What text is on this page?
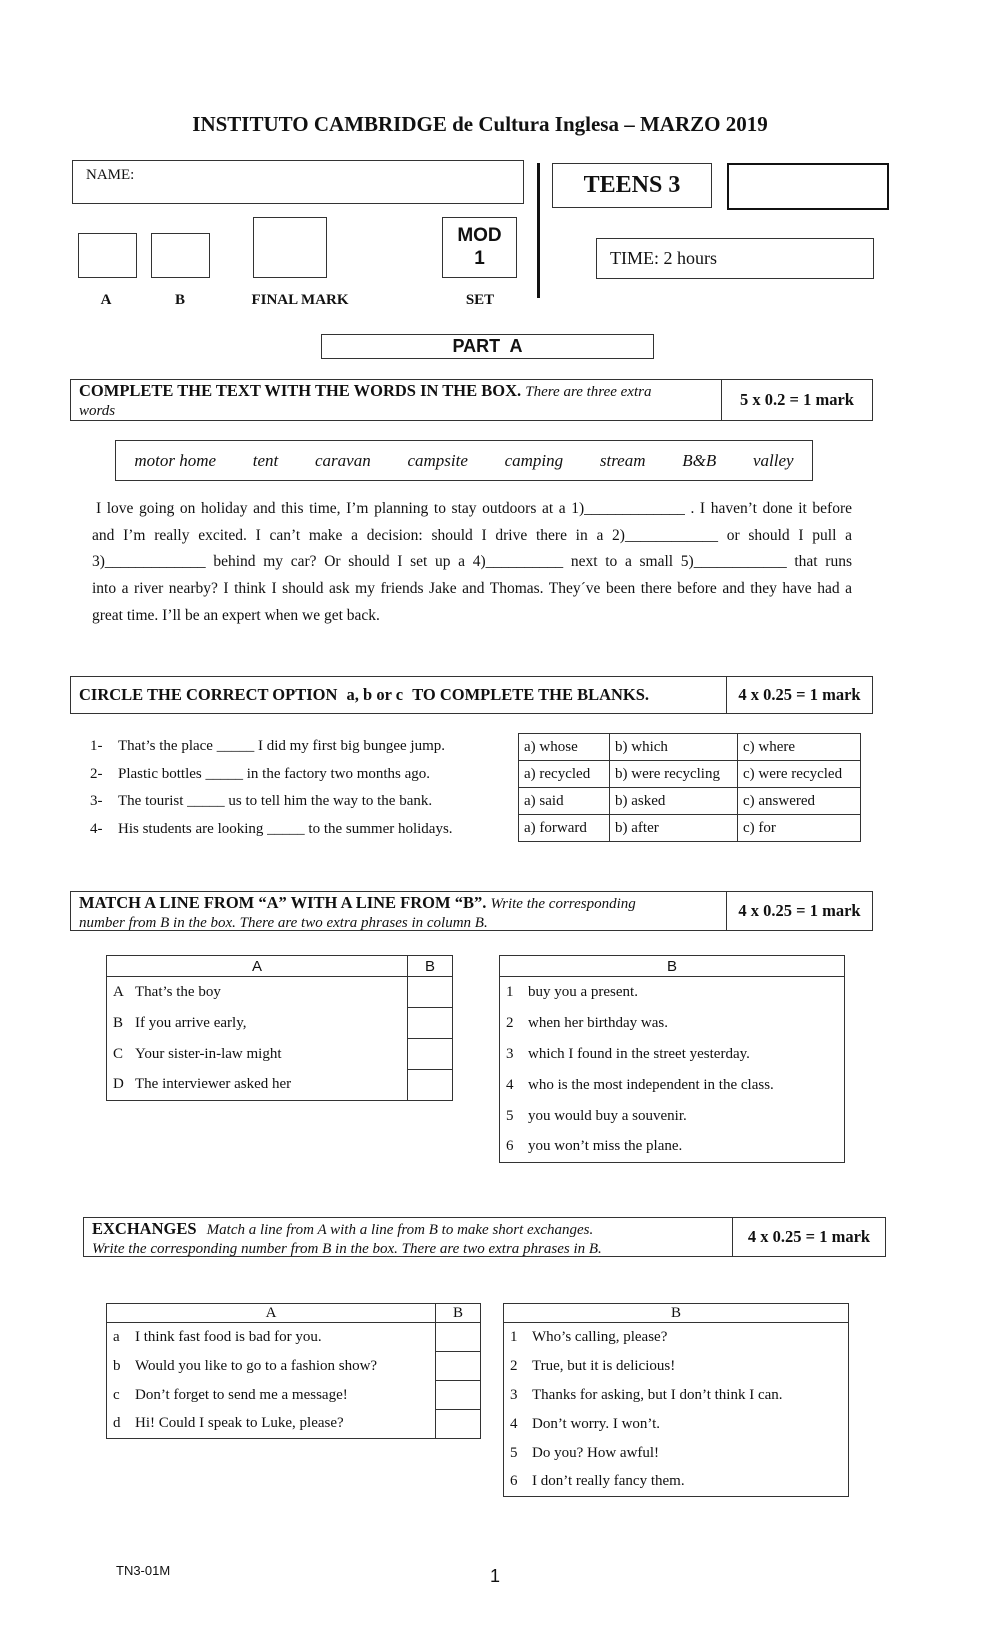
INSTITUTO CAMBRIDGE de Cultura Inglesa – MARZO 2019
NAME:	TEENS 3
MOD
1	TIME: 2 hours
A	B	FINAL MARK	SET
PART  A
COMPLETE THE TEXT WITH THE WORDS IN THE BOX. There are three extra
words
5 x 0.2 = 1 mark
motor home tent caravan campsite camping stream B&B valley

I love going on holiday and this time, I’m planning to stay outdoors at a 1)_____________ . I haven’t done it before

and I’m really excited. I can’t make a decision: should I drive there in a 2)____________ or should I pull a

3)_____________ behind my car? Or should I set up a 4)__________ next to a small 5)____________ that runs

into a river nearby? I think I should ask my friends Jake and Thomas. They´ve been there before and they have had a

great time. I’ll be an expert when we get back.

CIRCLE THE CORRECT OPTION a, b or c TO COMPLETE THE BLANKS.	4 x 0.25 = 1 mark
1-	That’s the place _____ I did my first big bungee jump.
2-	Plastic bottles _____ in the factory two months ago.
3-	The tourist _____ us to tell him the way to the bank.
4-	His students are looking _____ to the summer holidays.
a) whose	b) which	c) where
a) recycled	b) were recycling	c) were recycled
a) said	b) asked	c) answered
a) forward	b) after	c) for
MATCH A LINE FROM “A” WITH A LINE FROM “B”. Write the corresponding
number from B in the box. There are two extra phrases in column B.
4 x 0.25 = 1 mark
A	B
A That’s the boy	
B If you arrive early,	
C Your sister-in-law might	
D The interviewer asked her	
B
1 buy you a present.
2 when her birthday was.
3 which I found in the street yesterday.
4 who is the most independent in the class.
5 you would buy a souvenir.
6 you won’t miss the plane.
EXCHANGES Match a line from A with a line from B to make short exchanges.
Write the corresponding number from B in the box. There are two extra phrases in B.
4 x 0.25 = 1 mark
A	B
a I think fast food is bad for you.	
b Would you like to go to a fashion show?	
c Don’t forget to send me a message!	
d Hi! Could I speak to Luke, please?	
B
1 Who’s calling, please?
2 True, but it is delicious!
3 Thanks for asking, but I don’t think I can.
4 Don’t worry. I won’t.
5 Do you? How awful!
6 I don’t really fancy them.
TN3-01M	1
